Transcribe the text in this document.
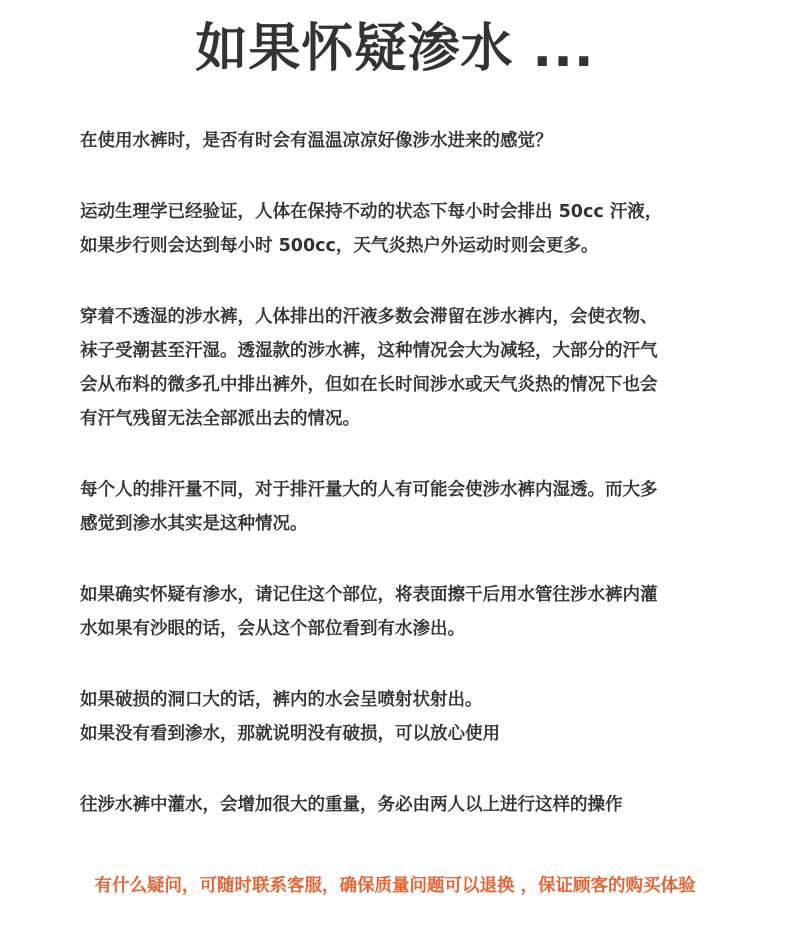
如果怀疑渗水 ...
在使用水裤时，是否有时会有温温凉凉好像涉水进来的感觉？
运动生理学已经验证，人体在保持不动的状态下每小时会排出 50cc 汗液，
如果步行则会达到每小时 500cc，天气炎热户外运动时则会更多。
穿着不透湿的涉水裤，人体排出的汗液多数会滞留在涉水裤内，会使衣物、
袜子受潮甚至汗湿。透湿款的涉水裤，这种情况会大为减轻，大部分的汗气
会从布料的微多孔中排出裤外，但如在长时间涉水或天气炎热的情况下也会
有汗气残留无法全部派出去的情况。
每个人的排汗量不同，对于排汗量大的人有可能会使涉水裤内湿透。而大多
感觉到渗水其实是这种情况。
如果确实怀疑有渗水，请记住这个部位，将表面擦干后用水管往涉水裤内灌
水如果有沙眼的话，会从这个部位看到有水渗出。
如果破损的洞口大的话，裤内的水会呈喷射状射出。
如果没有看到渗水，那就说明没有破损，可以放心使用
往涉水裤中灌水，会增加很大的重量，务必由两人以上进行这样的操作
有什么疑问，可随时联系客服，确保质量问题可以退换 ，保证顾客的购买体验
